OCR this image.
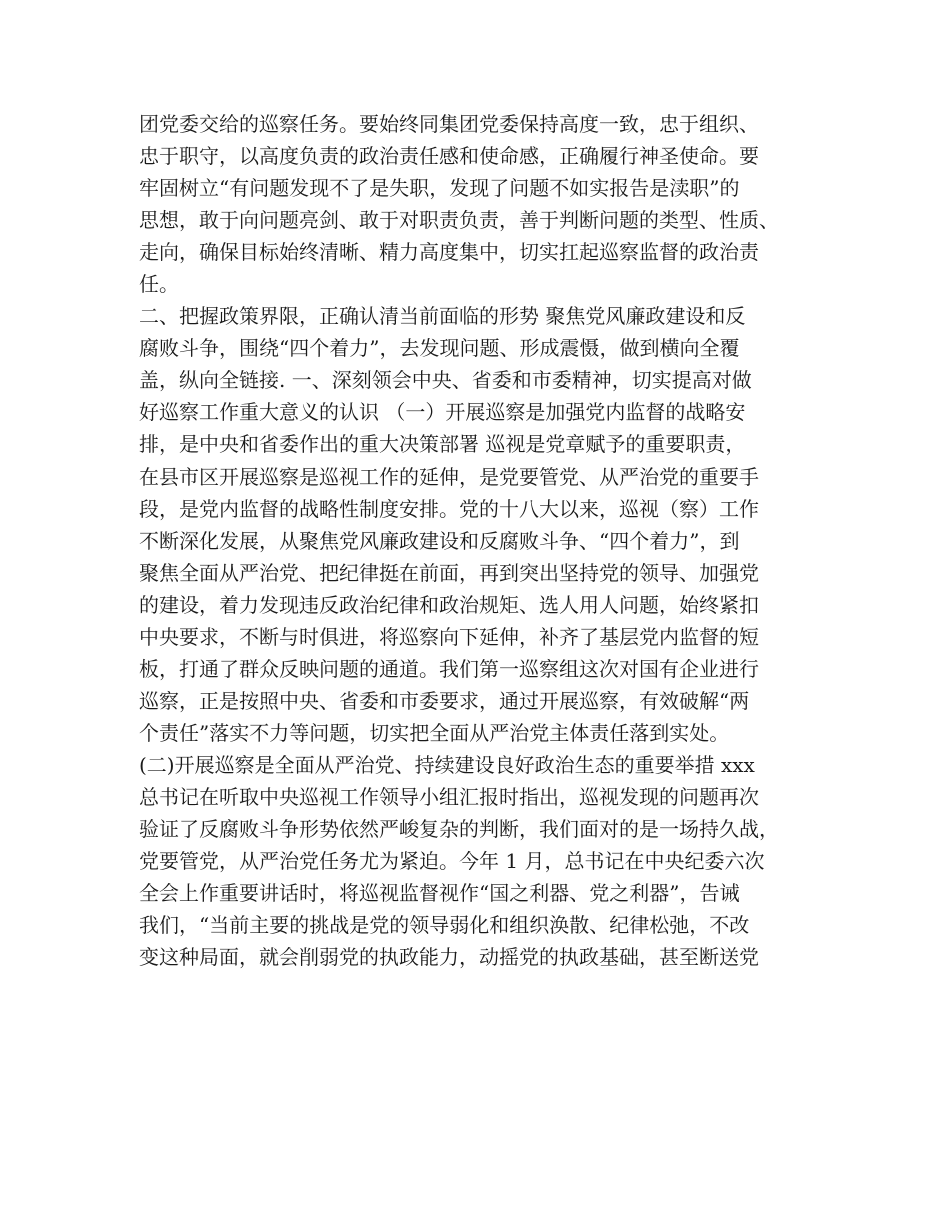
团党委交给的巡察任务。要始终同集团党委保持高度一致，忠于组织、
忠于职守，以高度负责的政治责任感和使命感，正确履行神圣使命。要
牢固树立“有问题发现不了是失职，发现了问题不如实报告是渎职”的
思想，敢于向问题亮剑、敢于对职责负责，善于判断问题的类型、性质、
走向，确保目标始终清晰、精力高度集中，切实扛起巡察监督的政治责
任。
二、把握政策界限，正确认清当前面临的形势 聚焦党风廉政建设和反
腐败斗争，围绕“四个着力”，去发现问题、形成震慑，做到横向全覆
盖，纵向全链接. 一、深刻领会中央、省委和市委精神，切实提高对做
好巡察工作重大意义的认识 （一）开展巡察是加强党内监督的战略安
排，是中央和省委作出的重大决策部署 巡视是党章赋予的重要职责，
在县市区开展巡察是巡视工作的延伸，是党要管党、从严治党的重要手
段，是党内监督的战略性制度安排。党的十八大以来，巡视（察）工作
不断深化发展，从聚焦党风廉政建设和反腐败斗争、“四个着力”，到
聚焦全面从严治党、把纪律挺在前面，再到突出坚持党的领导、加强党
的建设，着力发现违反政治纪律和政治规矩、选人用人问题，始终紧扣
中央要求，不断与时俱进，将巡察向下延伸，补齐了基层党内监督的短
板，打通了群众反映问题的通道。我们第一巡察组这次对国有企业进行
巡察，正是按照中央、省委和市委要求，通过开展巡察，有效破解“两
个责任”落实不力等问题，切实把全面从严治党主体责任落到实处。
(二)开展巡察是全面从严治党、持续建设良好政治生态的重要举措 xxx
总书记在听取中央巡视工作领导小组汇报时指出，巡视发现的问题再次
验证了反腐败斗争形势依然严峻复杂的判断，我们面对的是一场持久战，
党要管党，从严治党任务尤为紧迫。今年 1 月，总书记在中央纪委六次
全会上作重要讲话时，将巡视监督视作“国之利器、党之利器”，告诫
我们，“当前主要的挑战是党的领导弱化和组织涣散、纪律松弛，不改
变这种局面，就会削弱党的执政能力，动摇党的执政基础，甚至断送党
